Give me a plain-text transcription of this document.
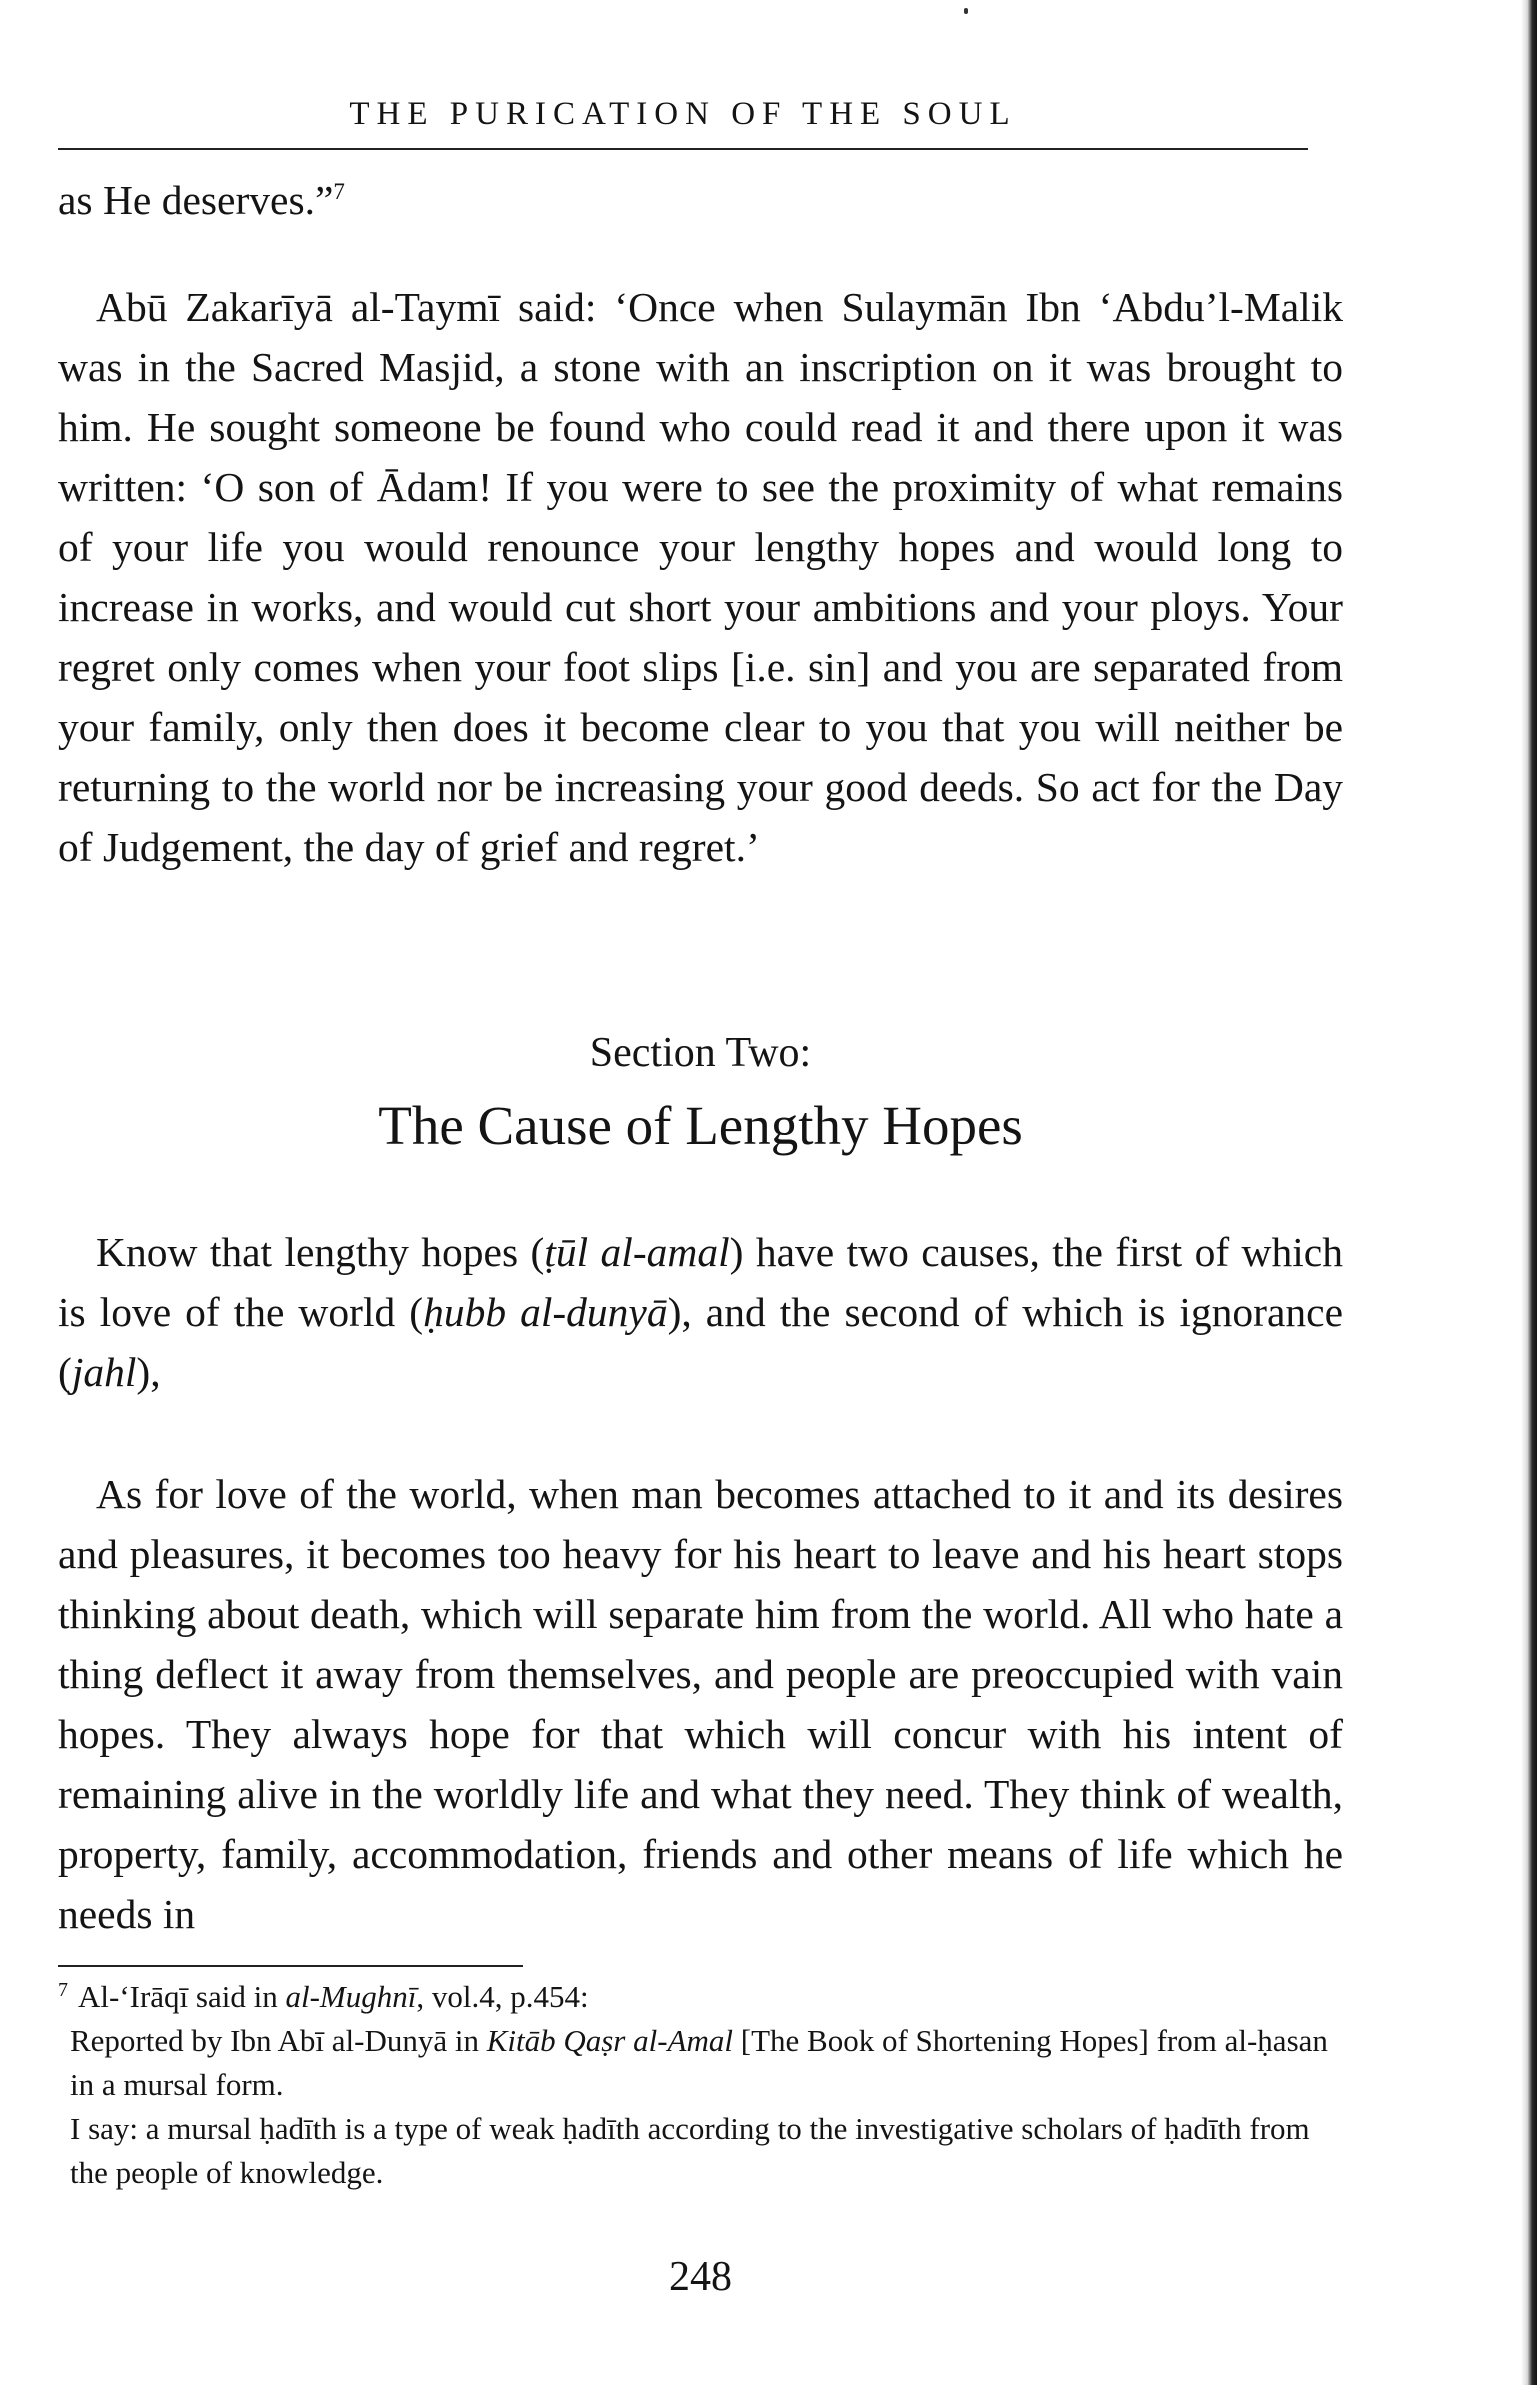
THE PURICATION OF THE SOUL

as He deserves.”$^7$

Abū Zakarīyā al-Taymī said: ‘Once when Sulaymān Ibn ‘Abdu’l-Malik was in the Sacred Masjid, a stone with an inscription on it was brought to him. He sought someone be found who could read it and there upon it was written: ‘O son of Ādam! If you were to see the proximity of what remains of your life you would renounce your lengthy hopes and would long to increase in works, and would cut short your ambitions and your ploys. Your regret only comes when your foot slips [i.e. sin] and you are separated from your family, only then does it become clear to you that you will neither be returning to the world nor be increasing your good deeds. So act for the Day of Judgement, the day of grief and regret.’

Section Two:
The Cause of Lengthy Hopes

Know that lengthy hopes (ṭūl al-amal) have two causes, the first of which is love of the world (ḥubb al-dunyā), and the second of which is ignorance (jahl),

As for love of the world, when man becomes attached to it and its desires and pleasures, it becomes too heavy for his heart to leave and his heart stops thinking about death, which will separate him from the world. All who hate a thing deflect it away from themselves, and people are preoccupied with vain hopes. They always hope for that which will concur with his intent of remaining alive in the worldly life and what they need. They think of wealth, property, family, accommodation, friends and other means of life which he needs in

$^7$ Al-‘Irāqī said in al-Mughnī, vol.4, p.454:

Reported by Ibn Abī al-Dunyā in Kitāb Qaṣr al-Amal [The Book of Shortening Hopes] from al-ḥasan in a mursal form.

I say: a mursal ḥadīth is a type of weak ḥadīth according to the investigative scholars of ḥadīth from the people of knowledge.

248
